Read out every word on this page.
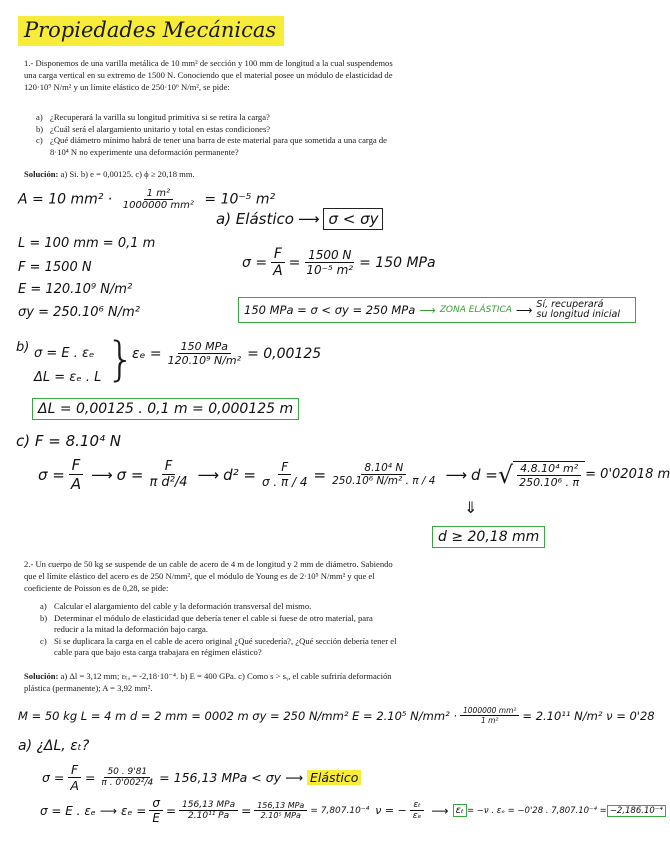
Propiedades Mecánicas

1.- Disponemos de una varilla metálica de 10 mm² de sección y 100 mm de longitud a la cual suspendemos una carga vertical en su extremo de 1500 N. Conociendo que el material posee un módulo de elasticidad de 120·10⁹ N/m² y un límite elástico de 250·10⁶ N/m², se pide:

a) ¿Recuperará la varilla su longitud primitiva si se retira la carga?
b) ¿Cuál será el alargamiento unitario y total en estas condiciones?
c) ¿Qué diámetro mínimo habrá de tener una barra de este material para que sometida a una carga de 8·10⁴ N no experimente una deformación permanente?

Solución: a) Si. b) e = 0,00125. c) ϕ ≥ 20,18 mm.

A = 10 $mm^2 \cdot \frac{\text{1 m²}}{\text{1000000 mm²}} = 10^{-5}$ m²
a) Elástico ⟶ σ < σy
L = 100 mm = 0,1 m
F = 1500 N
E = 120.10⁹ N/m²
σy = 250.10⁶ N/m²
$\sigma = \frac{F}{A} = \frac{1500 N}{\text{10⁻⁵ m²}} = 150$ MPa
150 MPa = σ < σy = 250 MPa ⟶ ZONA ELÁSTICA ⟶ Sí, recuperará
su longitud inicial
b) σ = E . εₑ
ΔL = εₑ . L }
$\varepsilon_e = \frac{\text{150 MPa}}{\text{120.10⁹ N/m²}} = 0,00125$
ΔL = 0,00125 . 0,1 m = 0,000125 m
c) F = 8.10⁴ N
$\sigma = \frac{F}{A}$ ⟶ $\sigma = \frac{F}{\text{π d²/4}}$ ⟶ $d^2 = \frac{F}{\sigma . \pi / 4} = \frac{\text{8.10⁴ N}}{\text{250.10⁶ N/m² . π / 4}}$ ⟶ d = √ $\frac{\text{4.8.10⁴ m²}}{\text{250.10⁶ . π}} = 0'02018$ m
⇓
d ≥ 20,18 mm

2.- Un cuerpo de 50 kg se suspende de un cable de acero de 4 m de longitud y 2 mm de diámetro. Sabiendo que el límite elástico del acero es de 250 N/mm², que el módulo de Young es de 2·10⁵ N/mm² y que el coeficiente de Poisson es de 0,28, se pide:

a) Calcular el alargamiento del cable y la deformación transversal del mismo.
b) Determinar el módulo de elasticidad que debería tener el cable si fuese de otro material, para reducir a la mitad la deformación bajo carga.
c) Si se duplicara la carga en el cable de acero original ¿Qué sucedería?, ¿Qué sección debería tener el cable para que bajo esta carga trabajara en régimen elástico?

Solución: a) Δl = 3,12 mm; εₜₐ = -2,18·10⁻⁴. b) E = 400 GPa. c) Como s > sᵧ, el cable sufriría deformación plástica (permanente); A = 3,92 mm².

M = 50 kg L = 4 m d = 2 mm = 0002 m σy = 250 N/mm² E = 2.10⁵ $N/mm^2 \cdot \frac{\text{1000000 mm²}}{\text{1 m²}} = 2.10^{11}$ N/m² ν = 0'28
a) ¿ΔL, εₜ?
$\sigma = \frac{F}{A} = \frac{50 . 9'81}{\text{π . 0'002²/4}} = 156,13$ MPa < σy ⟶ Elástico
σ = E . εₑ ⟶ $\varepsilon_e = \frac{\sigma}{E} = \frac{\text{156,13 MPa}}{\text{2.10¹¹ Pa}} = \frac{\text{156,13 MPa}}{\text{2.10⁵ MPa}} = 7,807.10^{-4}$ ν = − $\frac{\text{εₜ}}{\text{εₑ}}$ ⟶ εₜ = −ν . εₑ = −0'28 . 7,807.10⁻⁴ = −2,186.10⁻⁴
